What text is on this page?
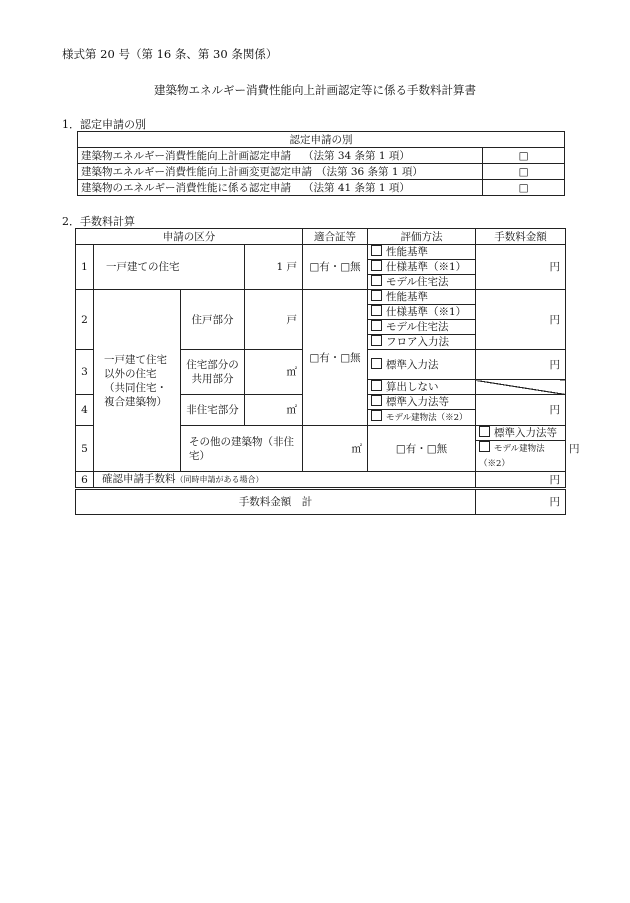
様式第 20 号（第 16 条、第 30 条関係）
建築物エネルギー消費性能向上計画認定等に係る手数料計算書
1．認定申請の別
認定申請の別	
建築物エネルギー消費性能向上計画認定申請 （法第 34 条第 1 項）	□
建築物エネルギー消費性能向上計画変更認定申請 （法第 36 条第 1 項）	□
建築物のエネルギー消費性能に係る認定申請 （法第 41 条第 1 項）	□
2．手数料計算
申請の区分				適合証等	評価方法	手数料金額	
1	一戸建ての住宅		1 戸	□有・□無	性能基準	円	
					仕様基準（※1）		
					モデル住宅法		
2	一戸建て住宅以外の住宅（共同住宅・複合建築物）	住戸部分	戸	□有・□無	性能基準	円	
					仕様基準（※1）		
					モデル住宅法		
					フロア入力法		
3		住宅部分の共用部分	㎡		標準入力法	円	
					算出しない		
4		非住宅部分	㎡		標準入力法等	円	
					モデル建物法（※2）		
5		その他の建築物（非住宅）		㎡	□有・□無	標準入力法等	円
						モデル建物法（※2）	
6	確認申請手数料（同時申請がある場合）					円	
手数料金額　計						円	
